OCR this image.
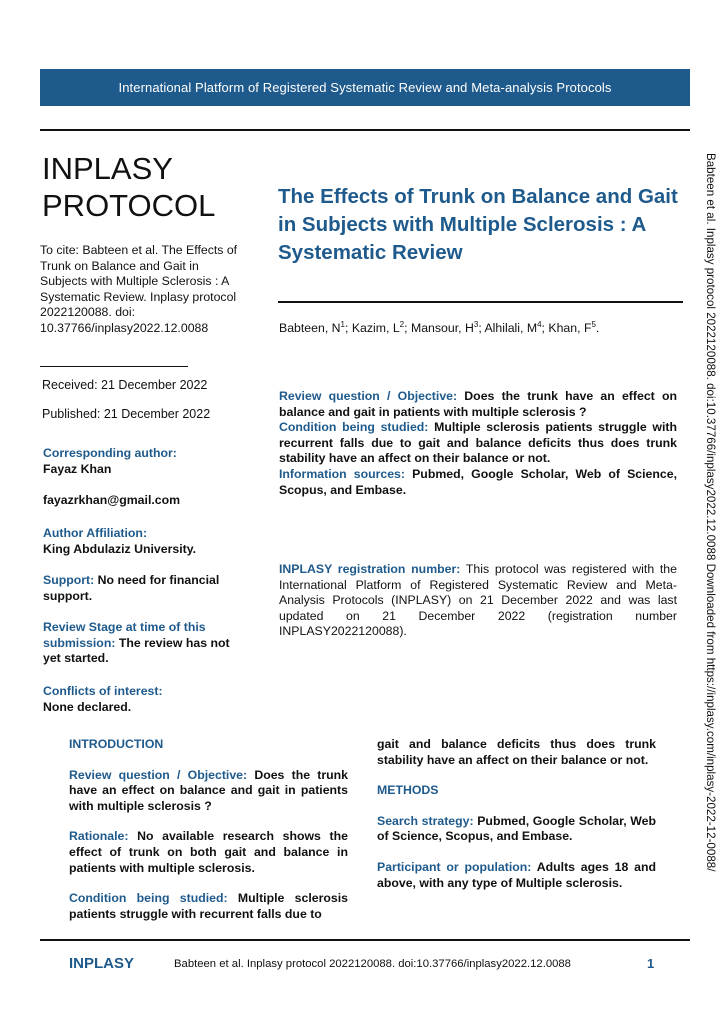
International Platform of Registered Systematic Review and Meta-analysis Protocols
INPLASY
PROTOCOL
To cite: Babteen et al. The Effects of Trunk on Balance and Gait in Subjects with Multiple Sclerosis : A Systematic Review. Inplasy protocol 2022120088. doi: 10.37766/inplasy2022.12.0088
Received: 21 December 2022
Published: 21 December 2022
Corresponding author:
Fayaz Khan
fayazrkhan@gmail.com
Author Affiliation:
King Abdulaziz University.
Support: No need for financial support.
Review Stage at time of this submission: The review has not yet started.
Conflicts of interest:
None declared.
The Effects of Trunk on Balance and Gait in Subjects with Multiple Sclerosis : A Systematic Review
Babteen, $N^1$; Kazim, $L^2$; Mansour, $H^3$; Alhilali, $M^4$; Khan, $F^5$.
Review question / Objective: Does the trunk have an effect on balance and gait in patients with multiple sclerosis ?
Condition being studied: Multiple sclerosis patients struggle with recurrent falls due to gait and balance deficits thus does trunk stability have an affect on their balance or not.
Information sources: Pubmed, Google Scholar, Web of Science, Scopus, and Embase.
INPLASY registration number: This protocol was registered with the International Platform of Registered Systematic Review and Meta-Analysis Protocols (INPLASY) on 21 December 2022 and was last updated on 21 December 2022 (registration number INPLASY2022120088).

INTRODUCTION

Review question / Objective: Does the trunk have an effect on balance and gait in patients with multiple sclerosis ?

Rationale: No available research shows the effect of trunk on both gait and balance in patients with multiple sclerosis.

Condition being studied: Multiple sclerosis patients struggle with recurrent falls due to

gait and balance deficits thus does trunk stability have an affect on their balance or not.

METHODS

Search strategy: Pubmed, Google Scholar, Web of Science, Scopus, and Embase.

Participant or population: Adults ages 18 and above, with any type of Multiple sclerosis.

Babteen et al. Inplasy protocol 2022120088. doi:10.37766/inplasy2022.12.0088 Downloaded from https://inplasy.com/inplasy-2022-12-0088/
INPLASY	Babteen et al. Inplasy protocol 2022120088. doi:10.37766/inplasy2022.12.0088	1
